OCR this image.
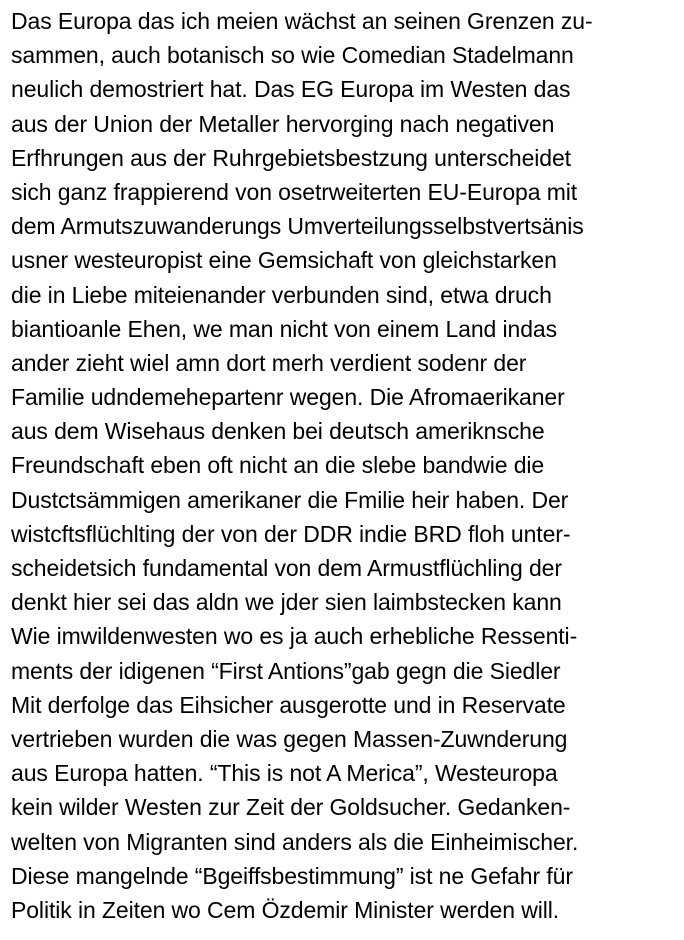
Das Europa das ich meien wächst an seinen Grenzen zu-
sammen, auch botanisch so wie Comedian Stadelmann
neulich demostriert hat. Das EG Europa im Westen das
aus der Union der Metaller hervorging nach negativen
Erfhrungen aus der Ruhrgebietsbestzung unterscheidet
sich ganz frappierend von osetrweiterten EU-Europa mit
dem Armutszuwanderungs Umverteilungsselbstvertsänis
usner westeuropist eine Gemsichaft von gleichstarken
die in Liebe miteienander verbunden sind, etwa druch
biantioanle Ehen, we man nicht von einem Land indas
ander zieht wiel amn dort merh verdient sodenr der
Familie udndemehepartenr wegen. Die Afromaerikaner
aus dem Wisehaus denken bei deutsch ameriknsche
Freundschaft eben oft nicht an die slebe bandwie die
Dustctsämmigen amerikaner die Fmilie heir haben. Der
wistcftsflüchlting der von der DDR indie BRD floh unter-
scheidetsich fundamental von dem Armustflüchling der
denkt hier sei das aldn we jder sien laimbstecken kann
Wie imwildenwesten wo es ja auch erhebliche Ressenti-
ments der idigenen “First Antions”gab gegn die Siedler
Mit derfolge das Eihsicher ausgerotte und in Reservate
vertrieben wurden die was gegen Massen-Zuwnderung
aus Europa hatten. “This is not A Merica”, Westeuropa
kein wilder Westen zur Zeit der Goldsucher. Gedanken-
welten von Migranten sind anders als die Einheimischer.
Diese mangelnde “Bgeiffsbestimmung” ist ne Gefahr für
Politik in Zeiten wo Cem Özdemir Minister werden will.
